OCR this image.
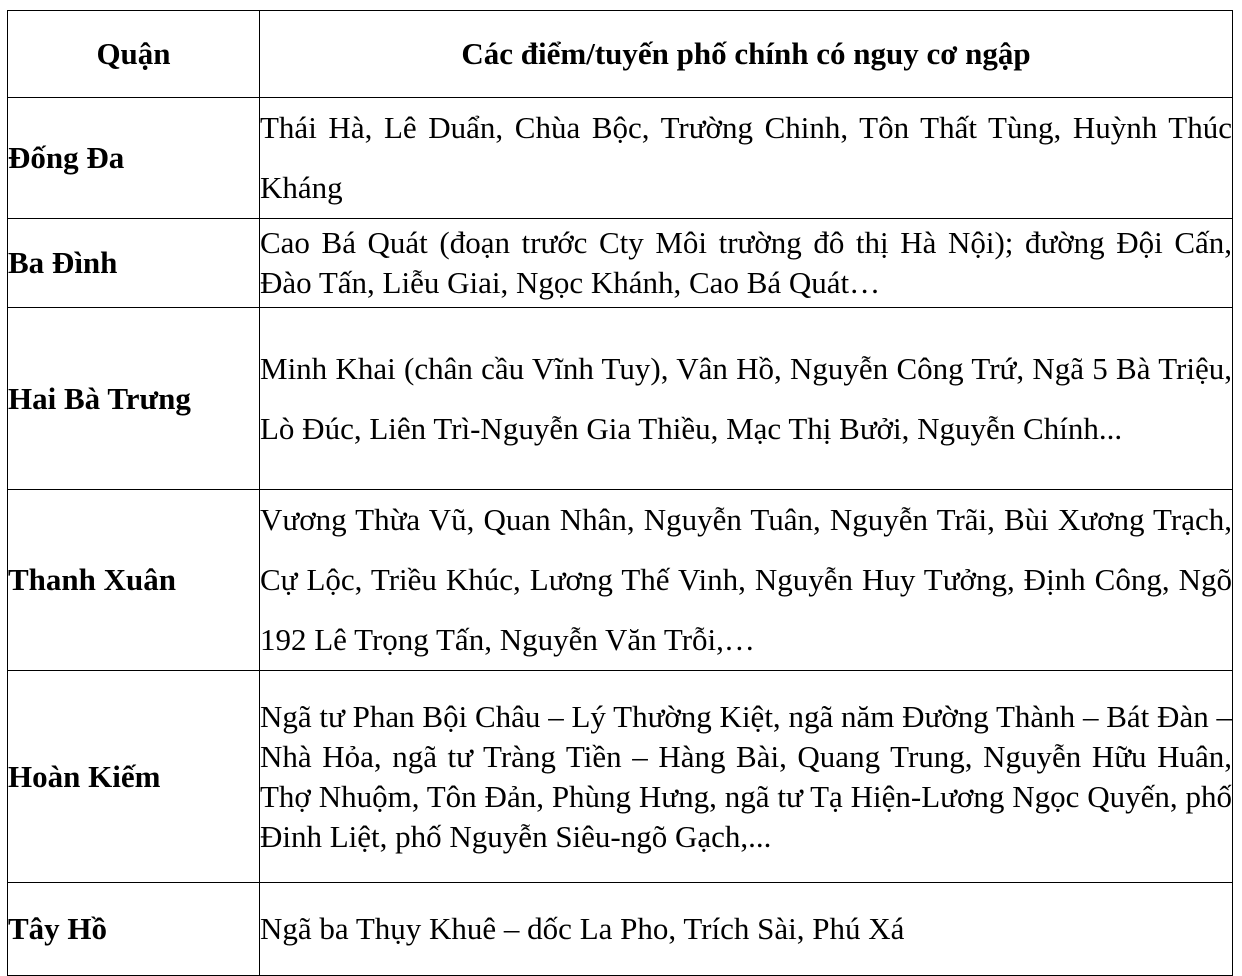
Quận	Các điểm/tuyến phố chính có nguy cơ ngập
Đống Đa	Thái Hà, Lê Duẩn, Chùa Bộc, Trường Chinh, Tôn Thất Tùng, Huỳnh Thúc Kháng
Ba Đình	Cao Bá Quát (đoạn trước Cty Môi trường đô thị Hà Nội); đường Đội Cấn, Đào Tấn, Liễu Giai, Ngọc Khánh, Cao Bá Quát…
Hai Bà Trưng	Minh Khai (chân cầu Vĩnh Tuy), Vân Hồ, Nguyễn Công Trứ, Ngã 5 Bà Triệu, Lò Đúc, Liên Trì-Nguyễn Gia Thiều, Mạc Thị Bưởi, Nguyễn Chính...
Thanh Xuân	Vương Thừa Vũ, Quan Nhân, Nguyễn Tuân, Nguyễn Trãi, Bùi Xương Trạch, Cự Lộc, Triều Khúc, Lương Thế Vinh, Nguyễn Huy Tưởng, Định Công, Ngõ 192 Lê Trọng Tấn, Nguyễn Văn Trỗi,…
Hoàn Kiếm	Ngã tư Phan Bội Châu – Lý Thường Kiệt, ngã năm Đường Thành – Bát Đàn – Nhà Hỏa, ngã tư Tràng Tiền – Hàng Bài, Quang Trung, Nguyễn Hữu Huân, Thợ Nhuộm, Tôn Đản, Phùng Hưng, ngã tư Tạ Hiện-Lương Ngọc Quyến, phố Đinh Liệt, phố Nguyễn Siêu-ngõ Gạch,...
Tây Hồ	Ngã ba Thụy Khuê – dốc La Pho, Trích Sài, Phú Xá
